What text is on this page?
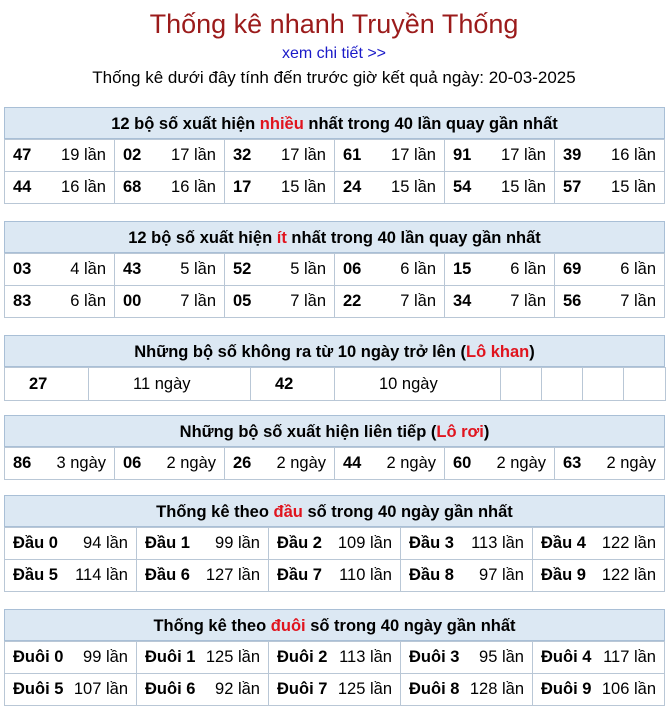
Thống kê nhanh Truyền Thống
xem chi tiết >>
Thống kê dưới đây tính đến trước giờ kết quả ngày: 20-03-2025
12 bộ số xuất hiện nhiều nhất trong 40 lần quay gần nhất
47 19 lần	02 17 lần	32 17 lần	61 17 lần	91 17 lần	39 16 lần

44 16 lần	68 16 lần	17 15 lần	24 15 lần	54 15 lần	57 15 lần
12 bộ số xuất hiện ít nhất trong 40 lần quay gần nhất
03 4 lần	43 5 lần	52 5 lần	06 6 lần	15 6 lần	69 6 lần

83 6 lần	00 7 lần	05 7 lần	22 7 lần	34 7 lần	56 7 lần
Những bộ số không ra từ 10 ngày trở lên (Lô khan)
27	11 ngày	42	10 ngày				
Những bộ số xuất hiện liên tiếp (Lô rơi)
86 3 ngày	06 2 ngày	26 2 ngày	44 2 ngày	60 2 ngày	63 2 ngày
Thống kê theo đầu số trong 40 ngày gần nhất
Đầu 0 94 lần	Đầu 1 99 lần	Đầu 2 109 lần	Đầu 3 113 lần	Đầu 4 122 lần

Đầu 5 114 lần	Đầu 6 127 lần	Đầu 7 110 lần	Đầu 8 97 lần	Đầu 9 122 lần
Thống kê theo đuôi số trong 40 ngày gần nhất
Đuôi 0 99 lần	Đuôi 1 125 lần	Đuôi 2 113 lần	Đuôi 3 95 lần	Đuôi 4 117 lần

Đuôi 5 107 lần	Đuôi 6 92 lần	Đuôi 7 125 lần	Đuôi 8 128 lần	Đuôi 9 106 lần
